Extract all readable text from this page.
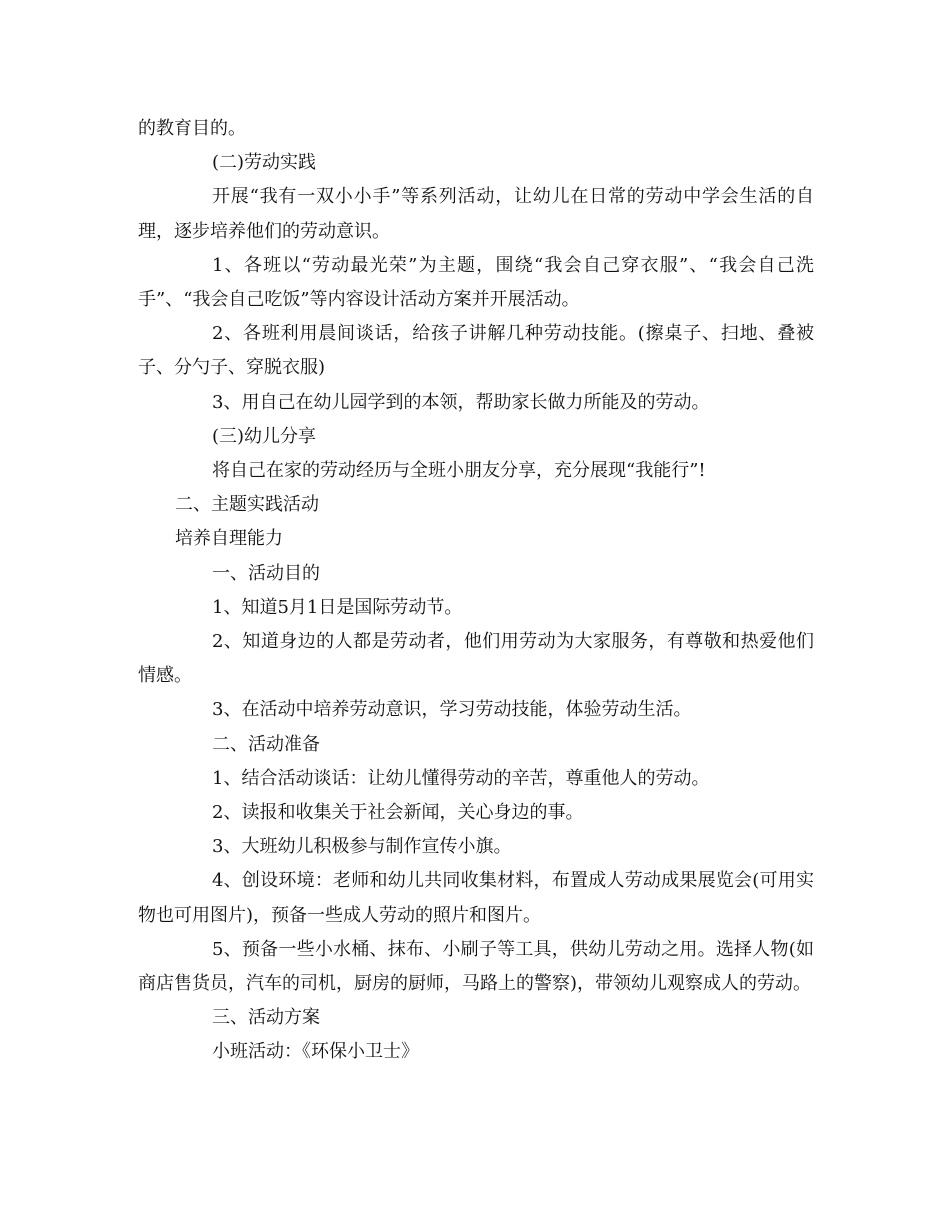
的教育目的。

(二)劳动实践

开展“我有一双小小手”等系列活动，让幼儿在日常的劳动中学会生活的自理，逐步培养他们的劳动意识。

1、各班以“劳动最光荣”为主题，围绕“我会自己穿衣服”、“我会自己洗手”、“我会自己吃饭”等内容设计活动方案并开展活动。

2、各班利用晨间谈话，给孩子讲解几种劳动技能。(擦桌子、扫地、叠被子、分勺子、穿脱衣服)

3、用自己在幼儿园学到的本领，帮助家长做力所能及的劳动。

(三)幼儿分享

将自己在家的劳动经历与全班小朋友分享，充分展现“我能行”!

二、主题实践活动

培养自理能力

一、活动目的

1、知道5月1日是国际劳动节。

2、知道身边的人都是劳动者，他们用劳动为大家服务，有尊敬和热爱他们情感。

3、在活动中培养劳动意识，学习劳动技能，体验劳动生活。

二、活动准备

1、结合活动谈话：让幼儿懂得劳动的辛苦，尊重他人的劳动。

2、读报和收集关于社会新闻，关心身边的事。

3、大班幼儿积极参与制作宣传小旗。

4、创设环境：老师和幼儿共同收集材料，布置成人劳动成果展览会(可用实物也可用图片)，预备一些成人劳动的照片和图片。

5、预备一些小水桶、抹布、小刷子等工具，供幼儿劳动之用。选择人物(如商店售货员，汽车的司机，厨房的厨师，马路上的警察)，带领幼儿观察成人的劳动。

三、活动方案

小班活动：《环保小卫士》
